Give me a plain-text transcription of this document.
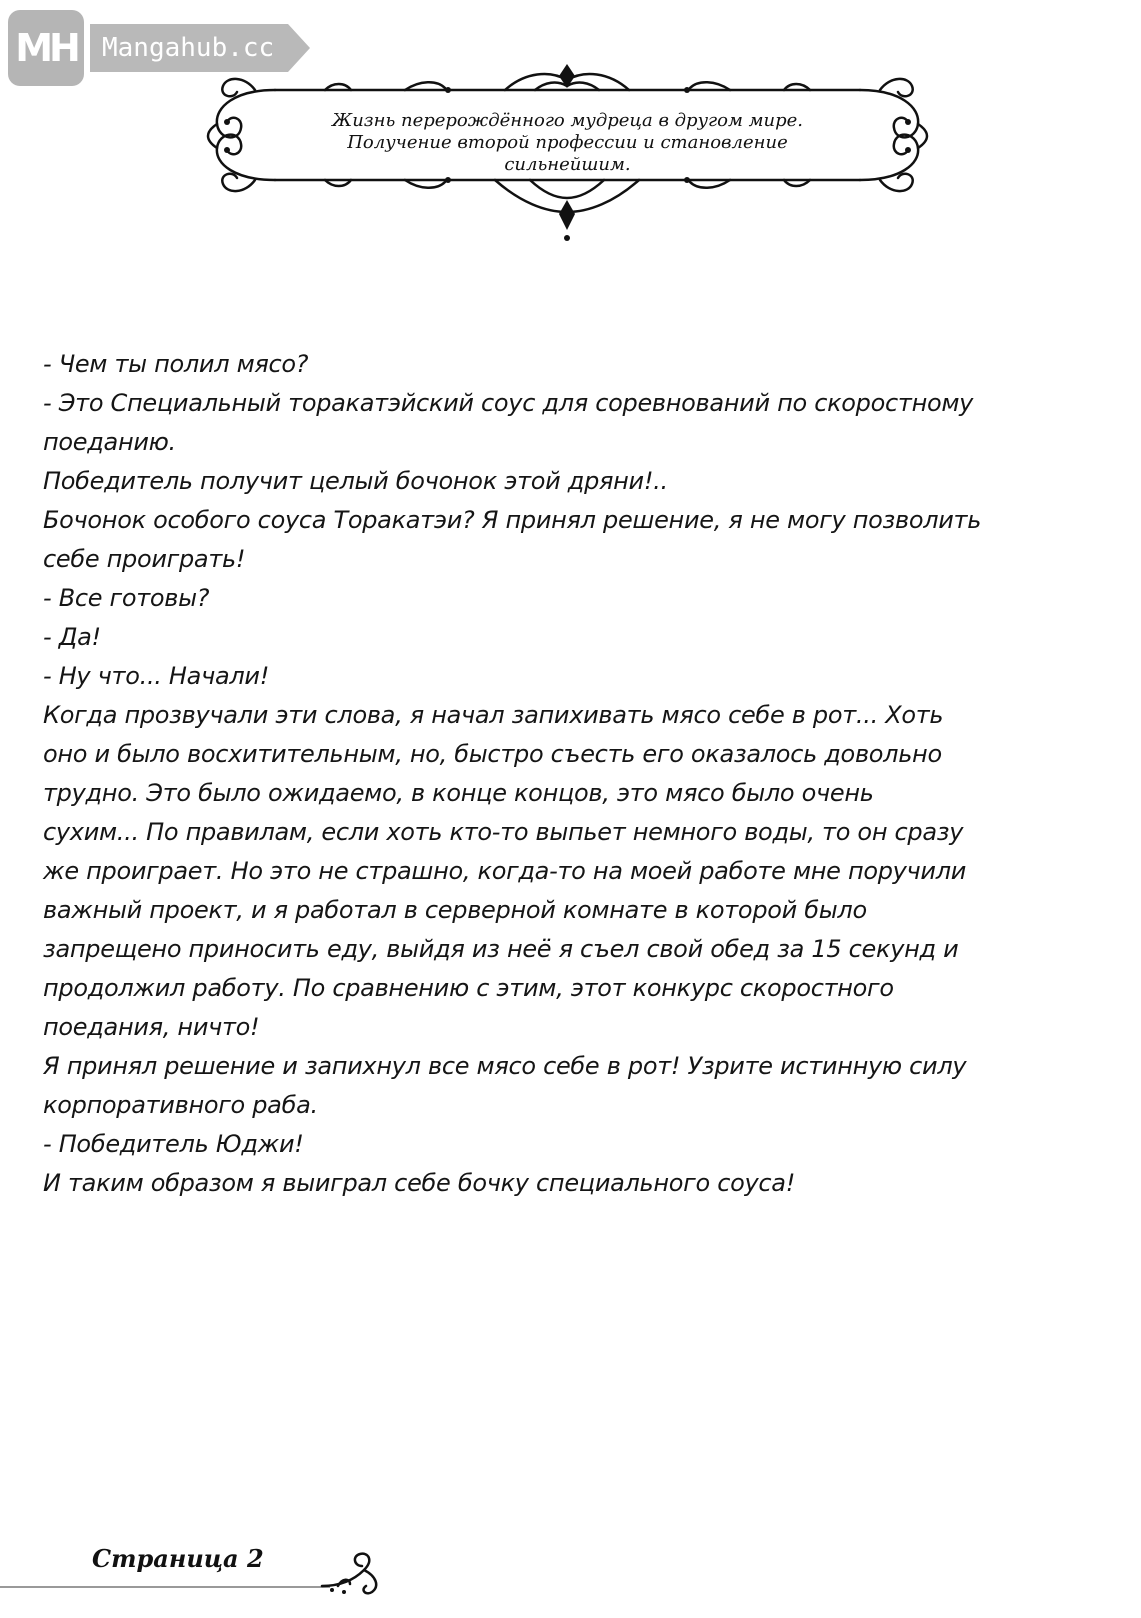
MH Mangahub.cc
Жизнь перерождённого мудреца в другом мире.
Получение второй профессии и становление
сильнейшим.

- Чем ты полил мясо?

- Это Специальный торакатэйский соус для соревнований по скоростному

поеданию.

Победитель получит целый бочонок этой дряни!..

Бочонок особого соуса Торакатэи? Я принял решение, я не могу позволить

себе проиграть!

- Все готовы?

- Да!

- Ну что... Начали!

Когда прозвучали эти слова, я начал запихивать мясо себе в рот... Хоть

оно и было восхитительным, но, быстро съесть его оказалось довольно

трудно. Это было ожидаемо, в конце концов, это мясо было очень

сухим... По правилам, если хоть кто-то выпьет немного воды, то он сразу

же проиграет. Но это не страшно, когда-то на моей работе мне поручили

важный проект, и я работал в серверной комнате в которой было

запрещено приносить еду, выйдя из неё я съел свой обед за 15 секунд и

продолжил работу. По сравнению с этим, этот конкурс скоростного

поедания, ничто!

Я принял решение и запихнул все мясо себе в рот! Узрите истинную силу

корпоративного раба.

- Победитель Юджи!

И таким образом я выиграл себе бочку специального соуса!

Страница 2
